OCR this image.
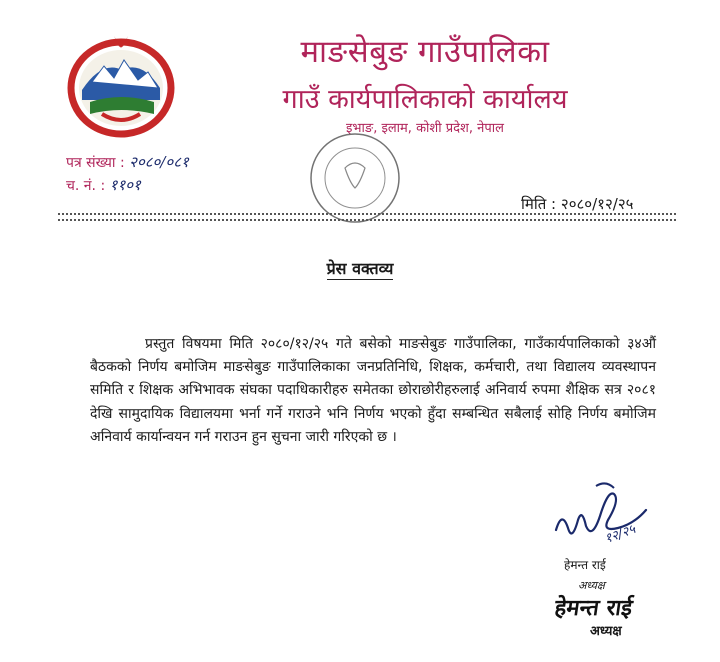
माङसेबुङ गाउँपालिका
गाउँ कार्यपालिकाको कार्यालय
इभाङ, इलाम, कोशी प्रदेश, नेपाल
पत्र संख्या : २०८०/०८१
च. नं. : ११०१
मिति : २०८०/१२/२५
प्रेस वक्तव्य

प्रस्तुत विषयमा मिति २०८०/१२/२५ गते बसेको माङसेबुङ गाउँपालिका, गाउँकार्यपालिकाको ३४औं बैठकको निर्णय बमोजिम माङसेबुङ गाउँपालिकाका जनप्रतिनिधि, शिक्षक, कर्मचारी, तथा विद्यालय व्यवस्थापन समिति र शिक्षक अभिभावक संघका पदाधिकारीहरु समेतका छोराछोरीहरुलाई अनिवार्य रुपमा शैक्षिक सत्र २०८१ देखि सामुदायिक विद्यालयमा भर्ना गर्ने गराउने भनि निर्णय भएको हुँदा सम्बन्धित सबैलाई सोहि निर्णय बमोजिम अनिवार्य कार्यान्वयन गर्न गराउन हुन सुचना जारी गरिएको छ ।

१२/२५
हेमन्त राई
अध्यक्ष
हेमन्त राई
अध्यक्ष
